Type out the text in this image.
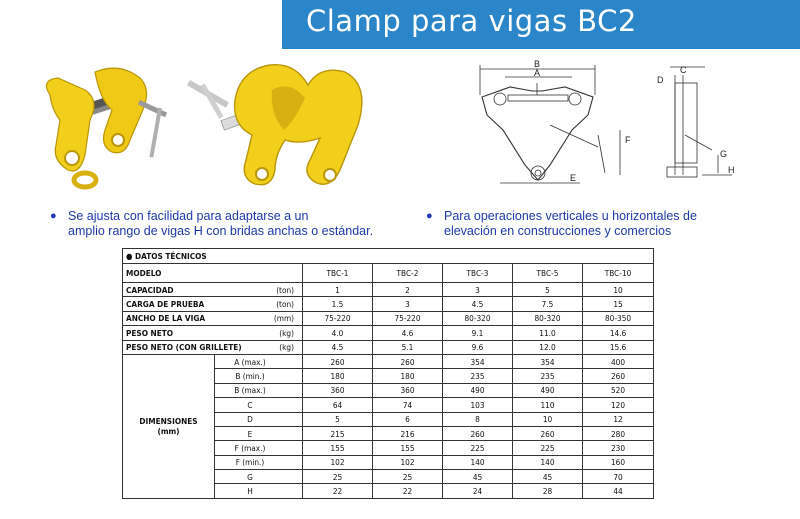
Clamp para vigas BC2
B
A	C
D
F
E
G
H
● Se ajusta con facilidad para adaptarse a un
amplio rango de vigas H con bridas anchas o estándar.
● Para operaciones verticales u horizontales de
elevación en construcciones y comercios
● DATOS TÉCNICOS						
MODELO		TBC-1	TBC-2	TBC-3	TBC-5	TBC-10
CAPACIDAD	(ton)	1	2	3	5	10
CARGA DE PRUEBA	(ton)	1.5	3	4.5	7.5	15
ANCHO DE LA VIGA	(mm)	75-220	75-220	80-320	80-320	80-350
PESO NETO	(kg)	4.0	4.6	9.1	11.0	14.6
PESO NETO (CON GRILLETE)	(kg)	4.5	5.1	9.6	12.0	15.6

DIMENSIONES
(mm)	A (max.)	260	260	354	354	400
	B (min.)	180	180	235	235	260
	B (max.)	360	360	490	490	520
	C	64	74	103	110	120
	D	5	6	8	10	12
	E	215	216	260	260	280
	F (max.)	155	155	225	225	230
	F (min.)	102	102	140	140	160
	G	25	25	45	45	70
	H	22	22	24	28	44
